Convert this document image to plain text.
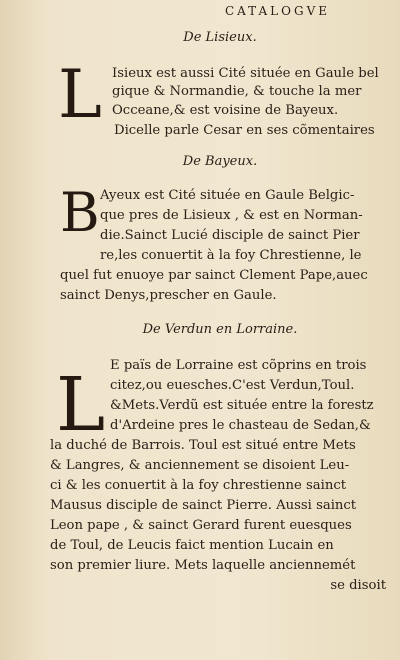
CATALOGVE
De Lisieux.
L Isieux est aussi Cité située en Gaule bel
gique & Normandie, & touche la mer
Occeane,& est voisine de Bayeux.
Dicelle parle Cesar en ses cõmentaires
De Bayeux.
B Ayeux est Cité située en Gaule Belgic-
que pres de Lisieux , & est en Norman-
die.Sainct Lucié disciple de sainct Pier
re,les conuertit à la foy Chrestienne, le
quel fut enuoye par sainct Clement Pape,auec
sainct Denys,prescher en Gaule.
De Verdun en Lorraine.
L E païs de Lorraine est cõprins en trois
citez,ou euesches.C'est Verdun,Toul.
&Mets.Verdũ est située entre la forestz
d'Ardeine pres le chasteau de Sedan,&
la duché de Barrois. Toul est situé entre Mets
& Langres, & anciennement se disoient Leu-
ci & les conuertit à la foy chrestienne sainct
Mausus disciple de sainct Pierre. Aussi sainct
Leon pape , & sainct Gerard furent euesques
de Toul, de Leucis faict mention Lucain en
son premier liure. Mets laquelle anciennemét
se disoit
